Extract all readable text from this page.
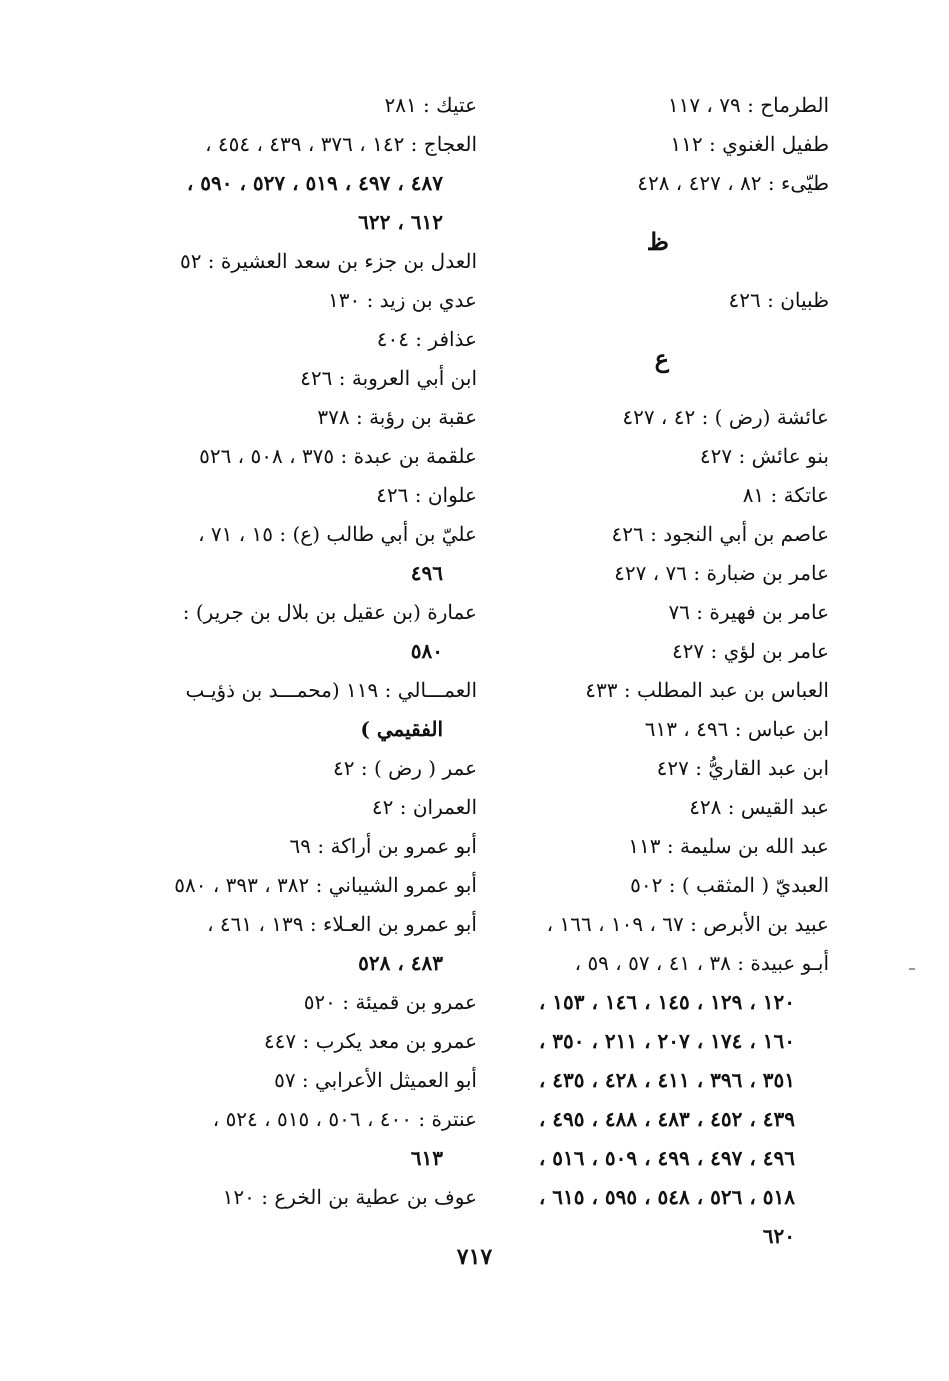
الطرماح : ٧٩ ، ١١٧
طفيل الغنوي : ١١٢
طيّىء : ٨٢ ، ٤٢٧ ، ٤٢٨
ظ
ظبيان : ٤٢٦
ع
عائشة (رض ) : ٤٢ ، ٤٢٧
بنو عائش : ٤٢٧
عاتكة : ٨١
عاصم بن أبي النجود : ٤٢٦
عامر بن ضبارة : ٧٦ ، ٤٢٧
عامر بن فهيرة : ٧٦
عامر بن لؤي : ٤٢٧
العباس بن عبد المطلب : ٤٣٣
ابن عباس : ٤٩٦ ، ٦١٣
ابن عبد القاريُّ : ٤٢٧
عبد القيس : ٤٢٨
عبد الله بن سليمة : ١١٣
العبديّ ( المثقب ) : ٥٠٢
عبيد بن الأبرص : ٦٧ ، ١٠٩ ، ١٦٦ ،
أبـو عبيدة : ٣٨ ، ٤١ ، ٥٧ ، ٥٩ ،
١٢٠ ، ١٢٩ ، ١٤٥ ، ١٤٦ ، ١٥٣ ،
١٦٠ ، ١٧٤ ، ٢٠٧ ، ٢١١ ، ٣٥٠ ،
٣٥١ ، ٣٩٦ ، ٤١١ ، ٤٢٨ ، ٤٣٥ ،
٤٣٩ ، ٤٥٢ ، ٤٨٣ ، ٤٨٨ ، ٤٩٥ ،
٤٩٦ ، ٤٩٧ ، ٤٩٩ ، ٥٠٩ ، ٥١٦ ،
٥١٨ ، ٥٢٦ ، ٥٤٨ ، ٥٩٥ ، ٦١٥ ،
٦٢٠
عتيك : ٢٨١
العجاج : ١٤٢ ، ٣٧٦ ، ٤٣٩ ، ٤٥٤ ،
٤٨٧ ، ٤٩٧ ، ٥١٩ ، ٥٢٧ ، ٥٩٠ ،
٦١٢ ، ٦٢٢
العدل بن جزء بن سعد العشيرة : ٥٢
عدي بن زيد : ١٣٠
عذافر : ٤٠٤
ابن أبي العروبة : ٤٢٦
عقبة بن رؤبة : ٣٧٨
علقمة بن عبدة : ٣٧٥ ، ٥٠٨ ، ٥٢٦
علوان : ٤٢٦
عليّ بن أبي طالب (ع) : ١٥ ، ٧١ ،
٤٩٦
عمارة (بن عقيل بن بلال بن جرير) :
٥٨٠
العمـــالي : ١١٩ (محمـــد بن ذؤيـب
الفقيمي )
عمر ( رض ) : ٤٢
العمران : ٤٢
أبو عمرو بن أراكة : ٦٩
أبو عمرو الشيباني : ٣٨٢ ، ٣٩٣ ، ٥٨٠
أبو عمرو بن العـلاء : ١٣٩ ، ٤٦١ ،
٤٨٣ ، ٥٢٨
عمرو بن قميئة : ٥٢٠
عمرو بن معد يكرب : ٤٤٧
أبو العميثل الأعرابي : ٥٧
عنترة : ٤٠٠ ، ٥٠٦ ، ٥١٥ ، ٥٢٤ ،
٦١٣
عوف بن عطية بن الخرع : ١٢٠
٧١٧
